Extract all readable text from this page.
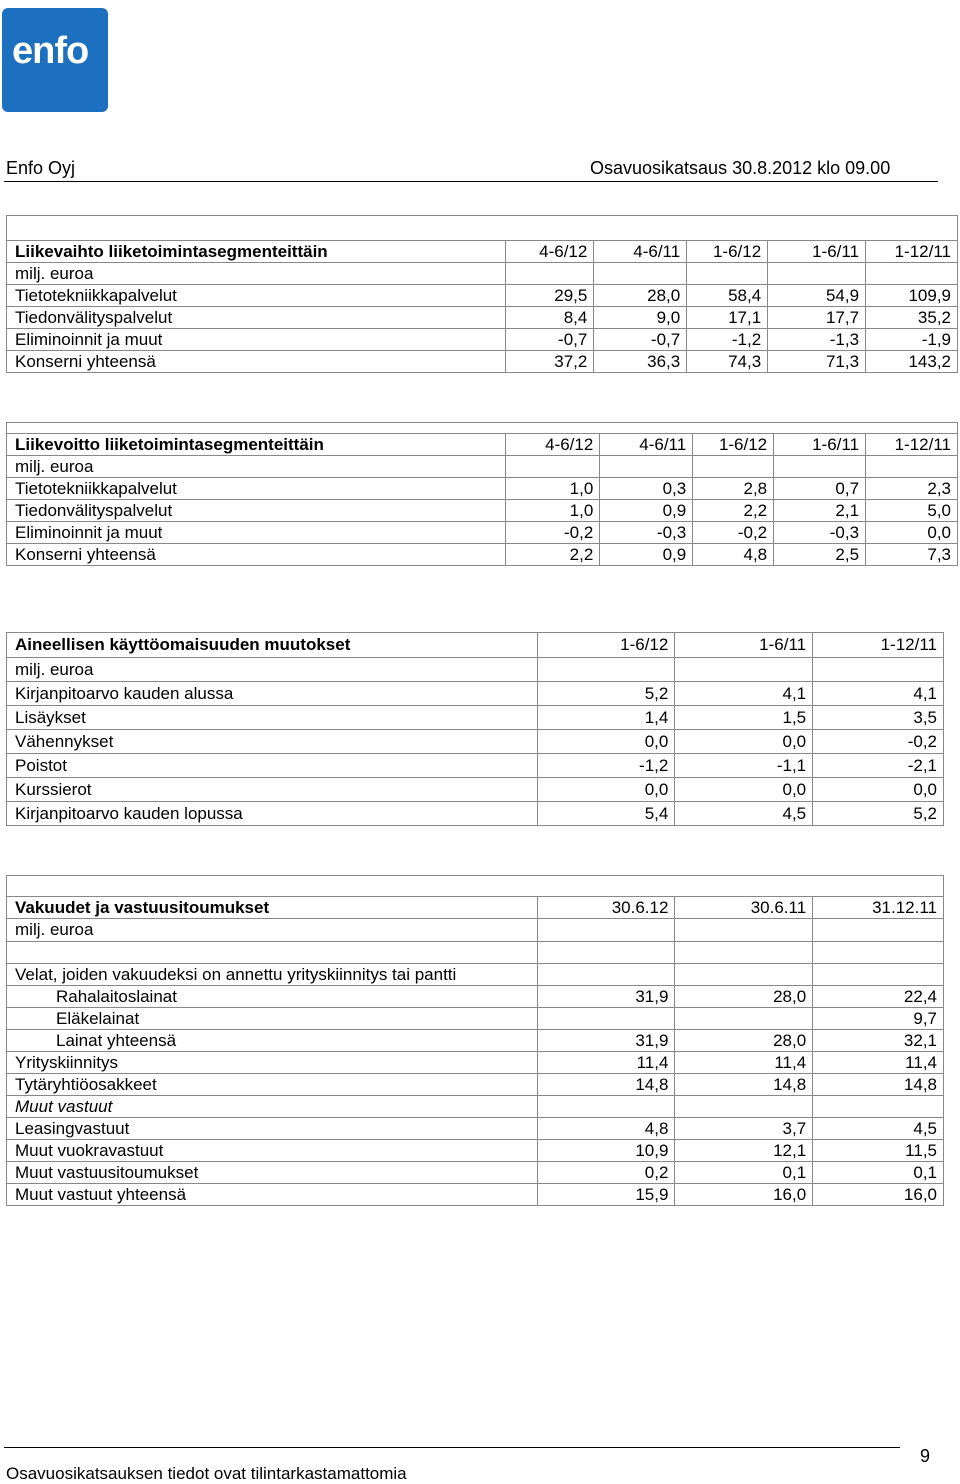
enfo
Enfo Oyj	Osavuosikatsaus 30.8.2012 klo 09.00

Liikevaihto liiketoimintasegmenteittäin	4-6/12	4-6/11	1-6/12	1-6/11	1-12/11
milj. euroa					
Tietotekniikkapalvelut	29,5	28,0	58,4	54,9	109,9
Tiedonvälityspalvelut	8,4	9,0	17,1	17,7	35,2
Eliminoinnit ja muut	-0,7	-0,7	-1,2	-1,3	-1,9
Konserni yhteensä	37,2	36,3	74,3	71,3	143,2

Liikevoitto liiketoimintasegmenteittäin	4-6/12	4-6/11	1-6/12	1-6/11	1-12/11
milj. euroa					
Tietotekniikkapalvelut	1,0	0,3	2,8	0,7	2,3
Tiedonvälityspalvelut	1,0	0,9	2,2	2,1	5,0
Eliminoinnit ja muut	-0,2	-0,3	-0,2	-0,3	0,0
Konserni yhteensä	2,2	0,9	4,8	2,5	7,3
Aineellisen käyttöomaisuuden muutokset	1-6/12	1-6/11	1-12/11
milj. euroa			
Kirjanpitoarvo kauden alussa	5,2	4,1	4,1
Lisäykset	1,4	1,5	3,5
Vähennykset	0,0	0,0	-0,2
Poistot	-1,2	-1,1	-2,1
Kurssierot	0,0	0,0	0,0
Kirjanpitoarvo kauden lopussa	5,4	4,5	5,2

Vakuudet ja vastuusitoumukset	30.6.12	30.6.11	31.12.11
milj. euroa			

Velat, joiden vakuudeksi on annettu yrityskiinnitys tai pantti			
Rahalaitoslainat	31,9	28,0	22,4
Eläkelainat			9,7
Lainat yhteensä	31,9	28,0	32,1
Yrityskiinnitys	11,4	11,4	11,4
Tytäryhtiöosakkeet	14,8	14,8	14,8
Muut vastuut			
Leasingvastuut	4,8	3,7	4,5
Muut vuokravastuut	10,9	12,1	11,5
Muut vastuusitoumukset	0,2	0,1	0,1
Muut vastuut yhteensä	15,9	16,0	16,0
Osavuosikatsauksen tiedot ovat tilintarkastamattomia
9
